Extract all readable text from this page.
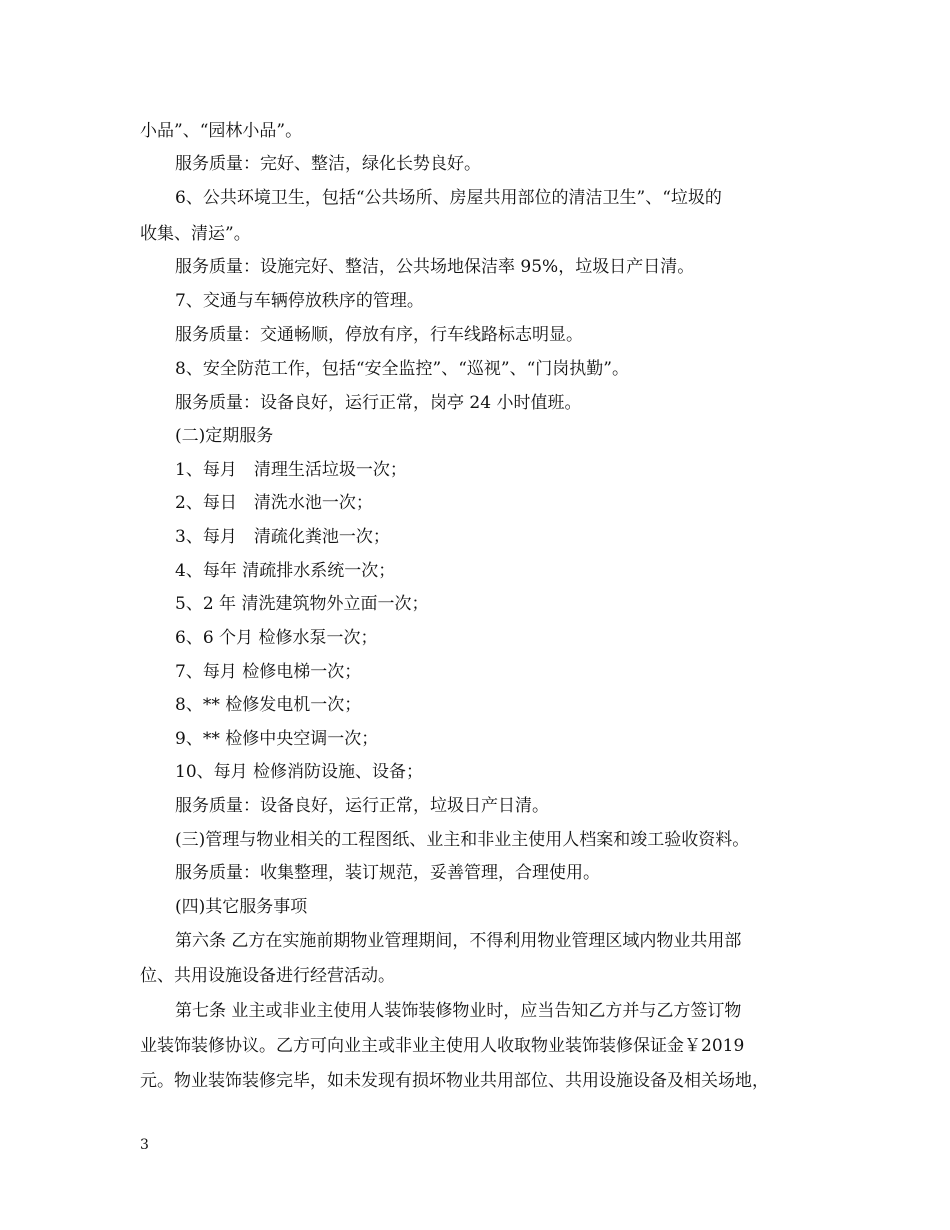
小品”、“园林小品”。
服务质量：完好、整洁，绿化长势良好。
6、公共环境卫生，包括“公共场所、房屋共用部位的清洁卫生”、“垃圾的
收集、清运”。
服务质量：设施完好、整洁，公共场地保洁率 95%，垃圾日产日清。
7、交通与车辆停放秩序的管理。
服务质量：交通畅顺，停放有序，行车线路标志明显。
8、安全防范工作，包括“安全监控”、“巡视”、“门岗执勤”。
服务质量：设备良好，运行正常，岗亭 24 小时值班。
(二)定期服务
1、每月　清理生活垃圾一次；
2、每日　清洗水池一次；
3、每月　清疏化粪池一次；
4、每年 清疏排水系统一次；
5、2 年 清洗建筑物外立面一次；
6、6 个月 检修水泵一次；
7、每月 检修电梯一次；
8、** 检修发电机一次；
9、** 检修中央空调一次；
10、每月 检修消防设施、设备；
服务质量：设备良好，运行正常，垃圾日产日清。
(三)管理与物业相关的工程图纸、业主和非业主使用人档案和竣工验收资料。
服务质量：收集整理，装订规范，妥善管理，合理使用。
(四)其它服务事项
第六条 乙方在实施前期物业管理期间，不得利用物业管理区域内物业共用部
位、共用设施设备进行经营活动。
第七条 业主或非业主使用人装饰装修物业时，应当告知乙方并与乙方签订物
业装饰装修协议。乙方可向业主或非业主使用人收取物业装饰装修保证金￥2019
元。物业装饰装修完毕，如未发现有损坏物业共用部位、共用设施设备及相关场地，
3
